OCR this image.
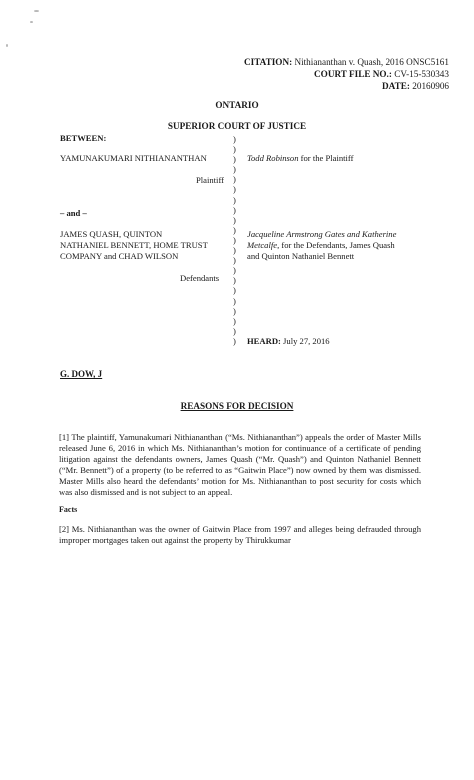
CITATION: Nithiananthan v. Quash, 2016 ONSC5161
COURT FILE NO.: CV-15-530343
DATE: 20160906
ONTARIO
SUPERIOR COURT OF JUSTICE
BETWEEN:
YAMUNAKUMARI NITHIANANTHAN
Plaintiff
– and –
JAMES QUASH, QUINTON
NATHANIEL BENNETT, HOME TRUST
COMPANY and CHAD WILSON
Defendants
)
)
)
)
)
)
)
)
)
)
)
)
)
)
)
)
)
)
)
)
)
Todd Robinson for the Plaintiff
Jacqueline Armstrong Gates and Katherine
Metcalfe, for the Defendants, James Quash
and Quinton Nathaniel Bennett
HEARD: July 27, 2016
G. DOW, J
REASONS FOR DECISION
[1] The plaintiff, Yamunakumari Nithiananthan (“Ms. Nithiananthan”) appeals the order of Master Mills released June 6, 2016 in which Ms. Nithiananthan’s motion for continuance of a certificate of pending litigation against the defendants owners, James Quash (“Mr. Quash”) and Quinton Nathaniel Bennett (“Mr. Bennett”) of a property (to be referred to as “Gaitwin Place”) now owned by them was dismissed. Master Mills also heard the defendants’ motion for Ms. Nithiananthan to post security for costs which was also dismissed and is not subject to an appeal.
Facts
[2] Ms. Nithiananthan was the owner of Gaitwin Place from 1997 and alleges being defrauded through improper mortgages taken out against the property by Thirukkumar
